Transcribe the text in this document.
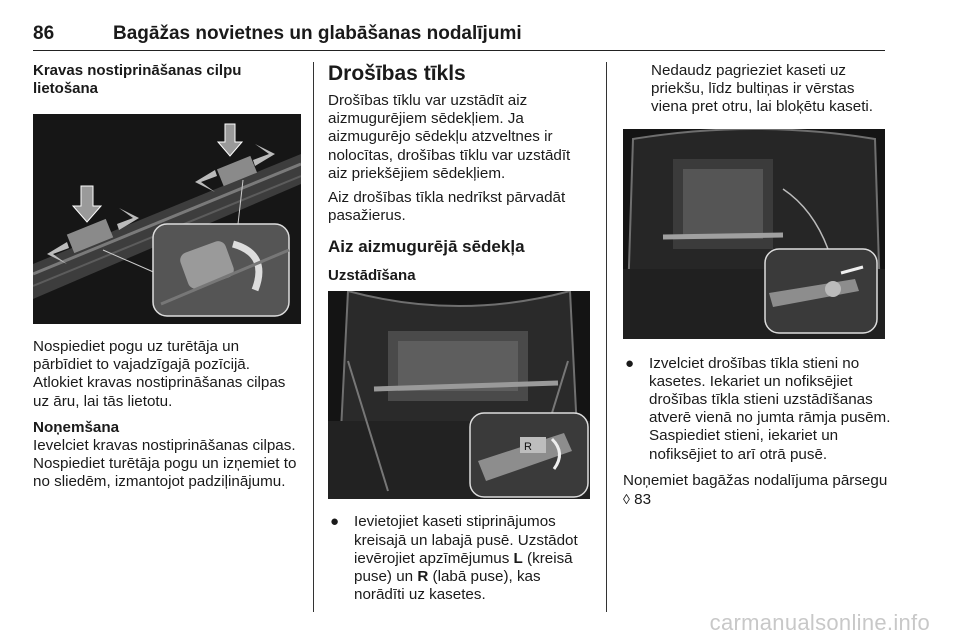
86	Bagāžas novietnes un glabāšanas nodalījumi

Kravas nostiprināšanas cilpu lietošana

Nospiediet pogu uz turētāja un pārbīdiet to vajadzīgajā pozīcijā. Atlokiet kravas nostiprināšanas cilpas uz āru, lai tās lietotu.

Noņemšana

Ievelciet kravas nostiprināšanas cilpas. Nospiediet turētāja pogu un izņemiet to no sliedēm, izmantojot padziļinājumu.

Drošības tīkls

Drošības tīklu var uzstādīt aiz aizmugurējiem sēdekļiem. Ja aizmugurējo sēdekļu atzveltnes ir nolocītas, drošības tīklu var uzstādīt aiz priekšējiem sēdekļiem.

Aiz drošības tīkla nedrīkst pārvadāt pasažierus.

Aiz aizmugurējā sēdekļa

Uzstādīšana

R
● Ievietojiet kaseti stiprinājumos kreisajā un labajā pusē. Uzstādot ievērojiet apzīmējumus L (kreisā puse) un R (labā puse), kas norādīti uz kasetes.

Nedaudz pagrieziet kaseti uz priekšu, līdz bultiņas ir vērstas viena pret otru, lai bloķētu kaseti.

● Izvelciet drošības tīkla stieni no kasetes. Iekariet un nofiksējiet drošības tīkla stieni uzstādīšanas atverē vienā no jumta rāmja pusēm. Saspiediet stieni, iekariet un nofiksējiet to arī otrā pusē.

Noņemiet bagāžas nodalījuma pārsegu ◊ 83

carmanualsonline.info
